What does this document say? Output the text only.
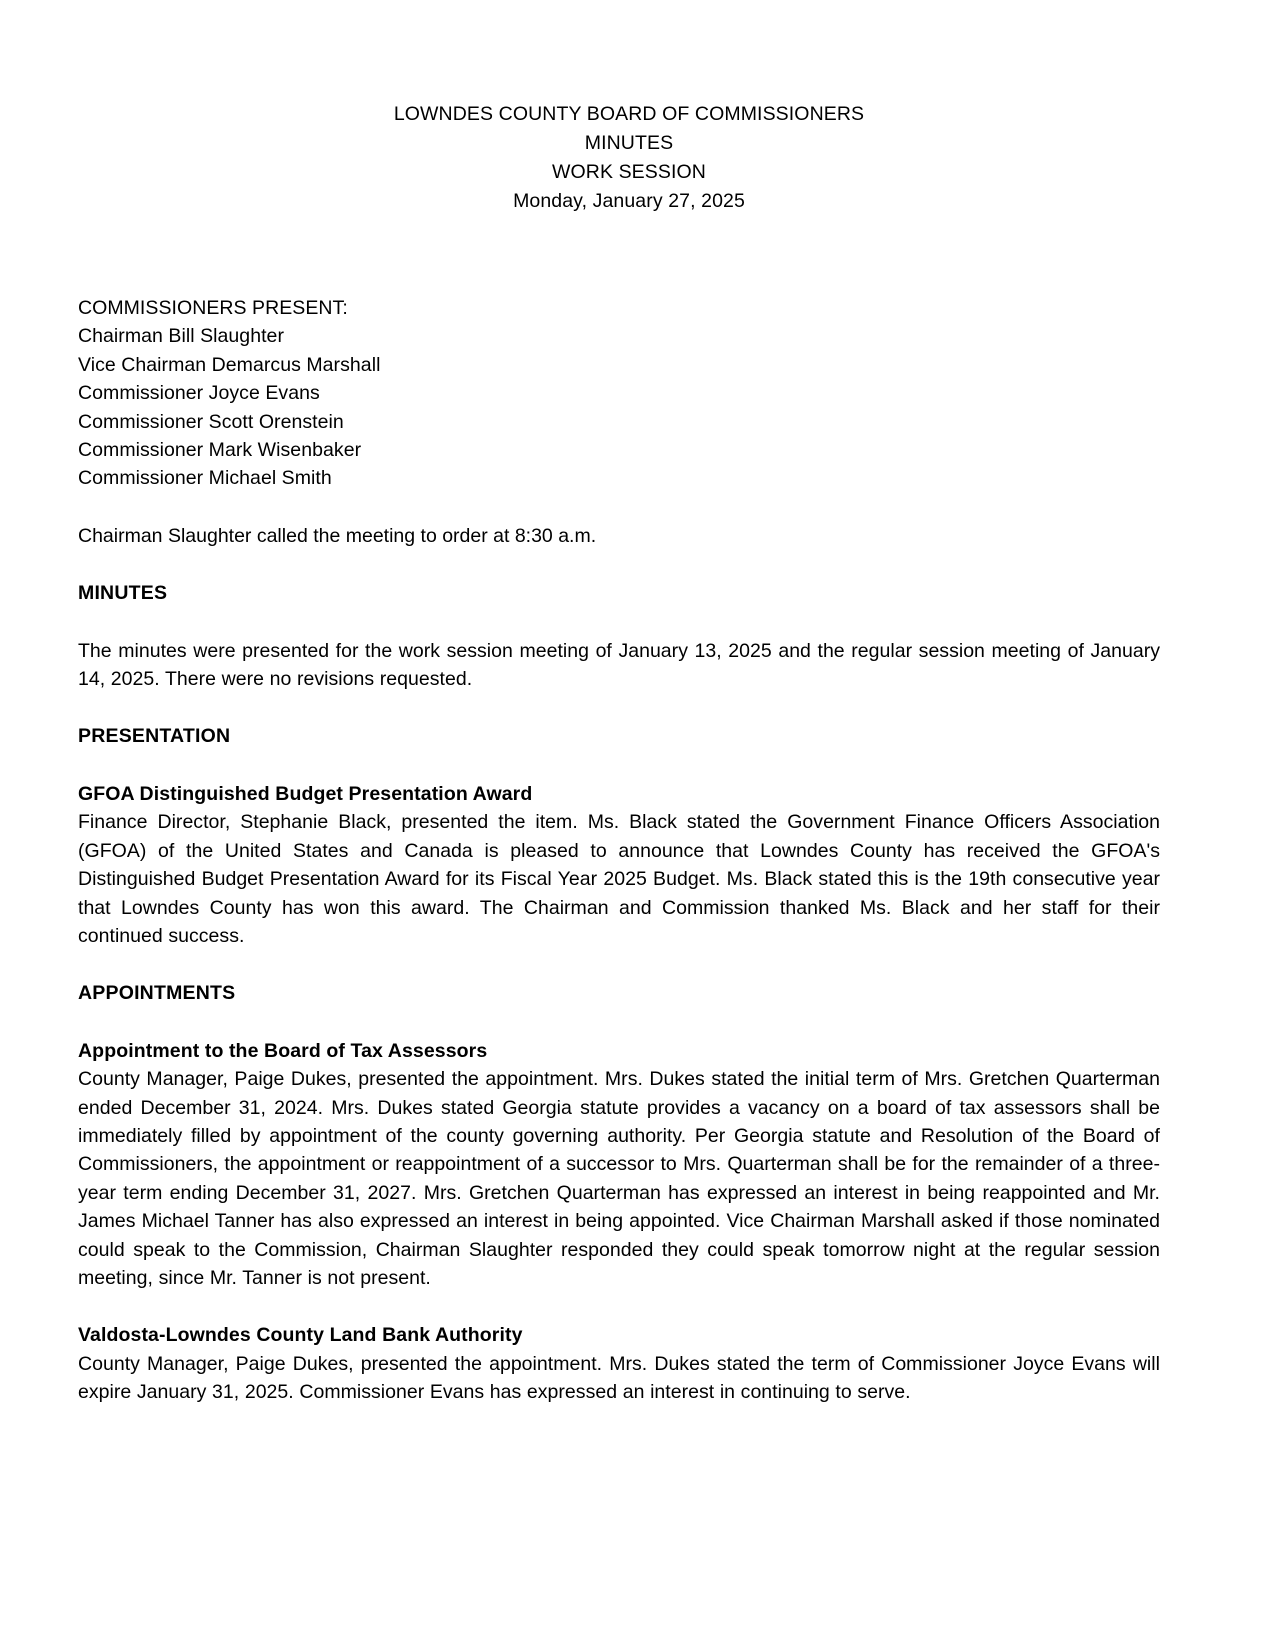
LOWNDES COUNTY BOARD OF COMMISSIONERS
MINUTES
WORK SESSION
Monday, January 27, 2025
COMMISSIONERS PRESENT:
Chairman Bill Slaughter
Vice Chairman Demarcus Marshall
Commissioner Joyce Evans
Commissioner Scott Orenstein
Commissioner Mark Wisenbaker
Commissioner Michael Smith
Chairman Slaughter called the meeting to order at 8:30 a.m.
MINUTES

The minutes were presented for the work session meeting of January 13, 2025 and the regular session meeting of January 14, 2025. There were no revisions requested.

PRESENTATION
GFOA Distinguished Budget Presentation Award

Finance Director, Stephanie Black, presented the item. Ms. Black stated the Government Finance Officers Association (GFOA) of the United States and Canada is pleased to announce that Lowndes County has received the GFOA's Distinguished Budget Presentation Award for its Fiscal Year 2025 Budget. Ms. Black stated this is the 19th consecutive year that Lowndes County has won this award. The Chairman and Commission thanked Ms. Black and her staff for their continued success.

APPOINTMENTS
Appointment to the Board of Tax Assessors

County Manager, Paige Dukes, presented the appointment. Mrs. Dukes stated the initial term of Mrs. Gretchen Quarterman ended December 31, 2024. Mrs. Dukes stated Georgia statute provides a vacancy on a board of tax assessors shall be immediately filled by appointment of the county governing authority. Per Georgia statute and Resolution of the Board of Commissioners, the appointment or reappointment of a successor to Mrs. Quarterman shall be for the remainder of a three-year term ending December 31, 2027. Mrs. Gretchen Quarterman has expressed an interest in being reappointed and Mr. James Michael Tanner has also expressed an interest in being appointed. Vice Chairman Marshall asked if those nominated could speak to the Commission, Chairman Slaughter responded they could speak tomorrow night at the regular session meeting, since Mr. Tanner is not present.

Valdosta-Lowndes County Land Bank Authority

County Manager, Paige Dukes, presented the appointment. Mrs. Dukes stated the term of Commissioner Joyce Evans will expire January 31, 2025. Commissioner Evans has expressed an interest in continuing to serve.
